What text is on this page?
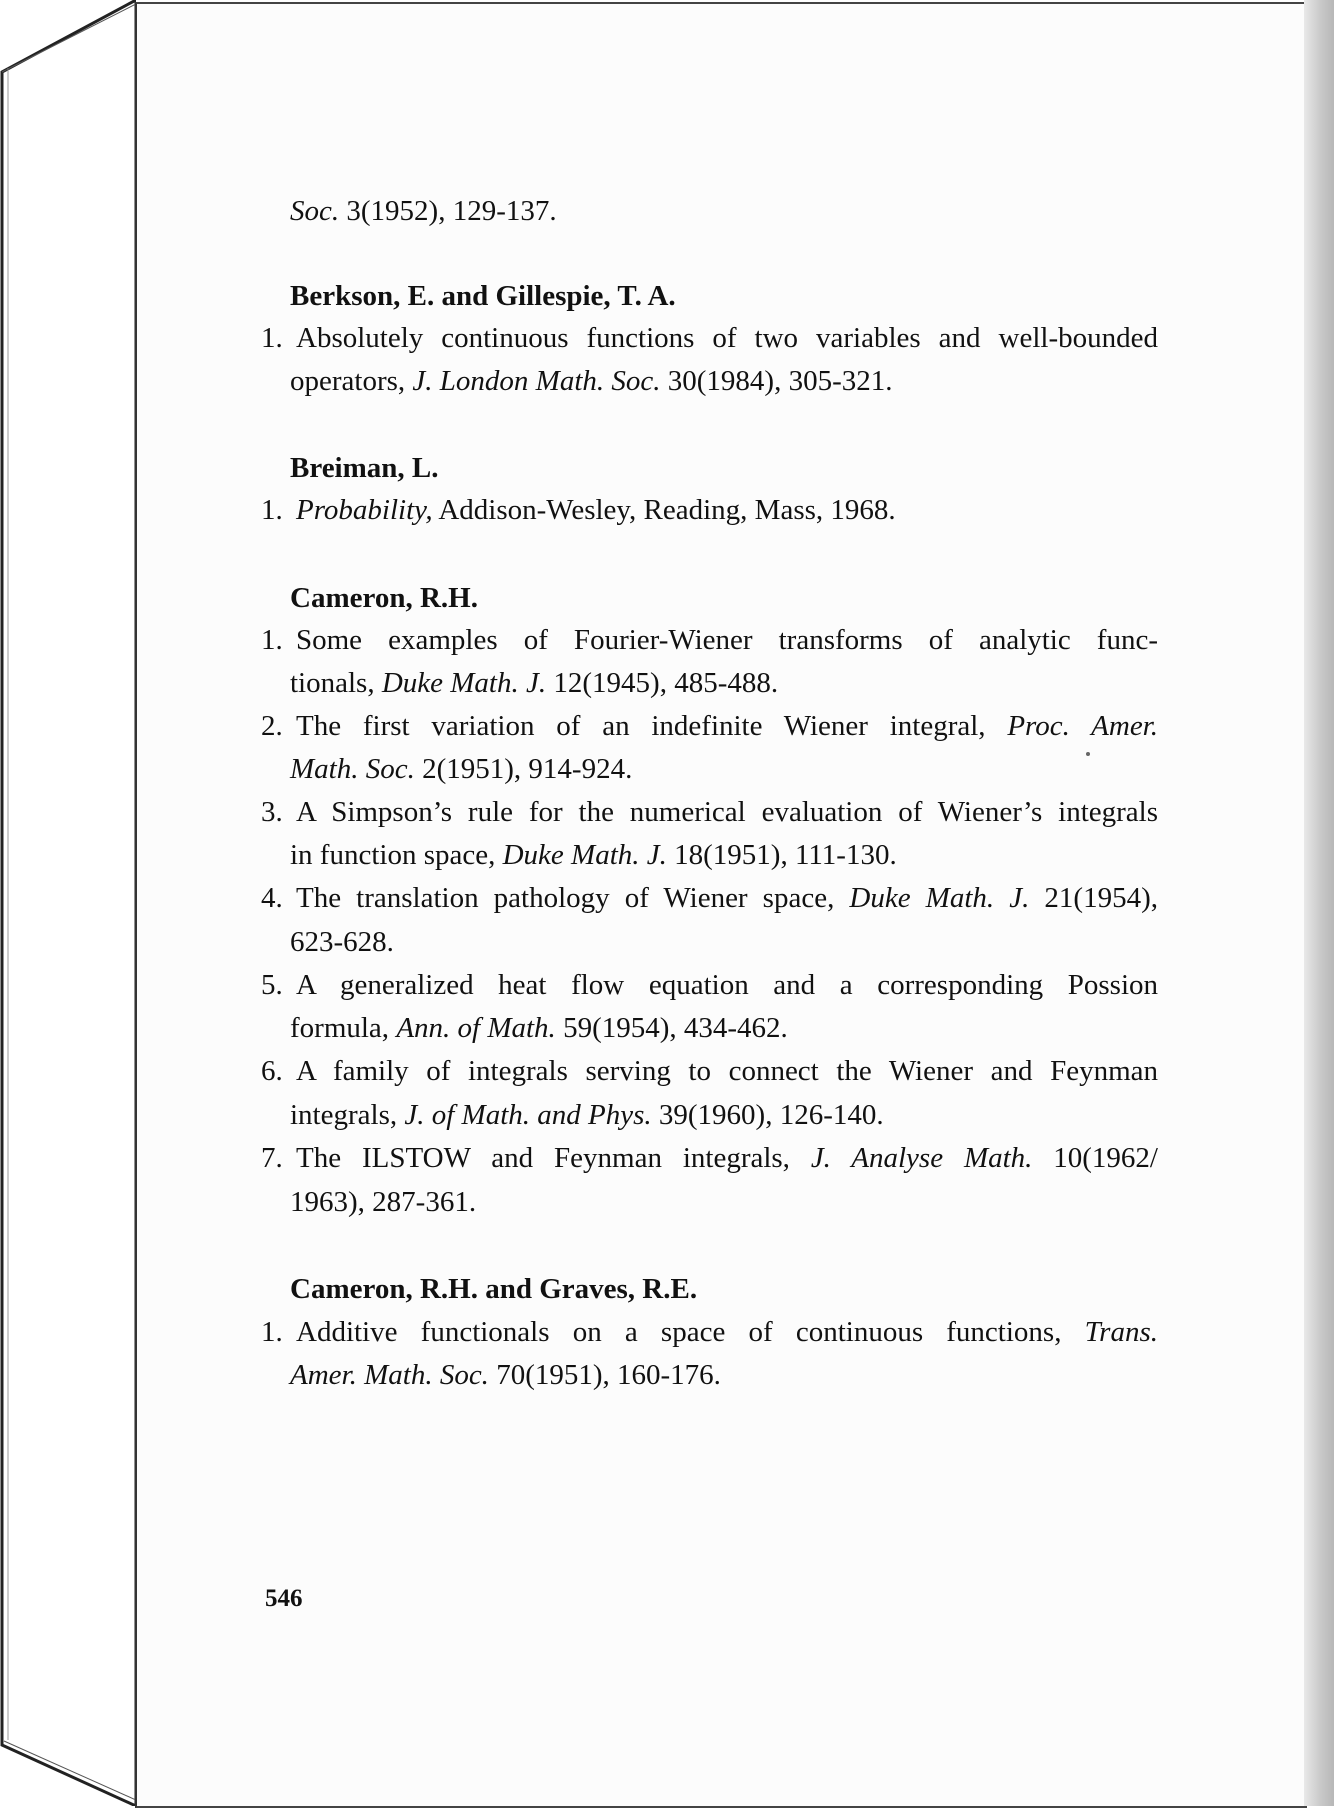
Soc. 3(1952), 129-137.
Berkson, E. and Gillespie, T. A.
1. Absolutely continuous functions of two variables and well-bounded
operators, J. London Math. Soc. 30(1984), 305-321.
Breiman, L.
1. Probability, Addison-Wesley, Reading, Mass, 1968.
Cameron, R.H.
1. Some examples of Fourier-Wiener transforms of analytic func-
tionals, Duke Math. J. 12(1945), 485-488.
2. The first variation of an indefinite Wiener integral, Proc. Amer.
Math. Soc. 2(1951), 914-924.
3. A Simpson’s rule for the numerical evaluation of Wiener’s integrals
in function space, Duke Math. J. 18(1951), 111-130.
4. The translation pathology of Wiener space, Duke Math. J. 21(1954),
623-628.
5. A generalized heat flow equation and a corresponding Possion
formula, Ann. of Math. 59(1954), 434-462.
6. A family of integrals serving to connect the Wiener and Feynman
integrals, J. of Math. and Phys. 39(1960), 126-140.
7. The ILSTOW and Feynman integrals, J. Analyse Math. 10(1962/
1963), 287-361.
Cameron, R.H. and Graves, R.E.
1. Additive functionals on a space of continuous functions, Trans.
Amer. Math. Soc. 70(1951), 160-176.
546
